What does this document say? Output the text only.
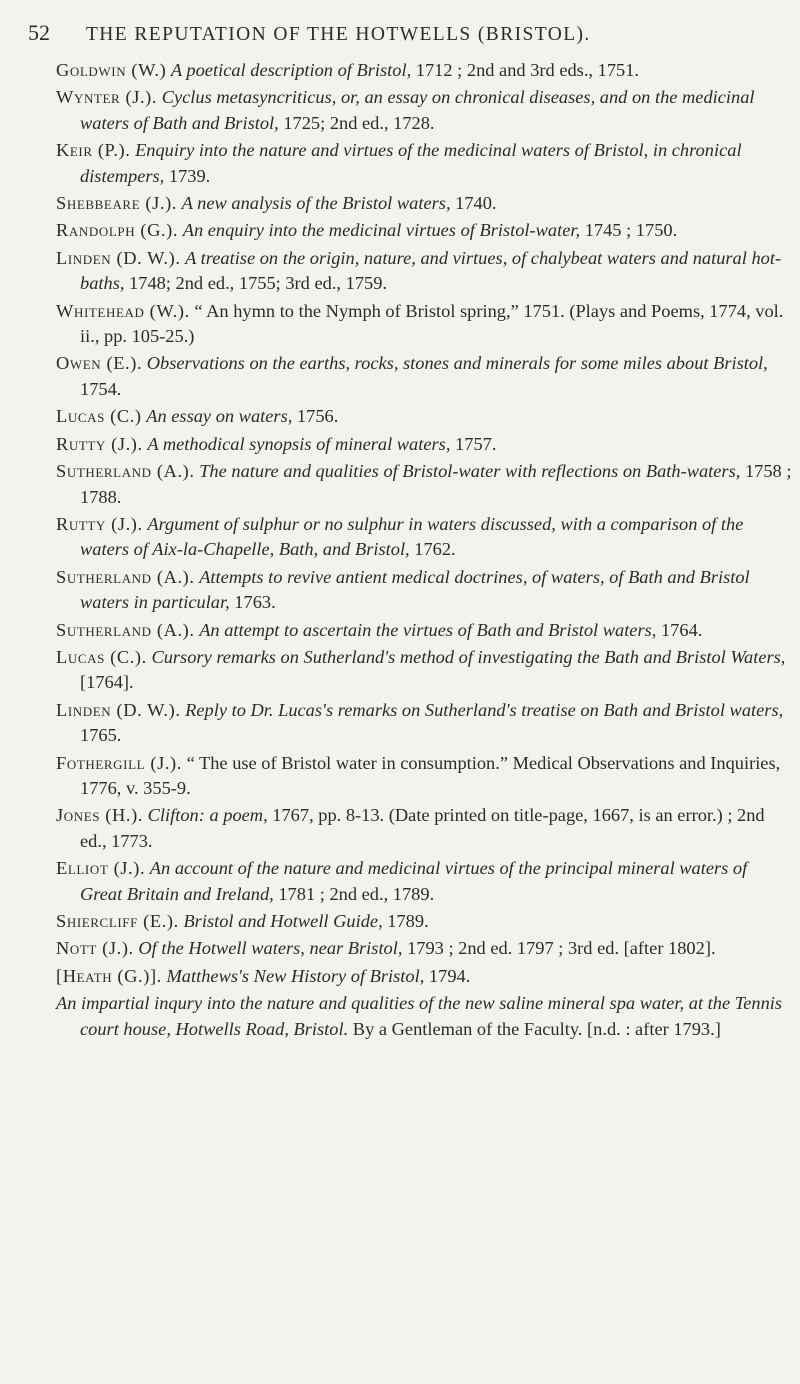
52	THE REPUTATION OF THE HOTWELLS (BRISTOL).

Goldwin (W.) A poetical description of Bristol, 1712 ; 2nd and 3rd eds., 1751.

Wynter (J.). Cyclus metasyncriticus, or, an essay on chronical diseases, and on the medicinal waters of Bath and Bristol, 1725; 2nd ed., 1728.

Keir (P.). Enquiry into the nature and virtues of the medicinal waters of Bristol, in chronical distempers, 1739.

Shebbeare (J.). A new analysis of the Bristol waters, 1740.

Randolph (G.). An enquiry into the medicinal virtues of Bristol-water, 1745 ; 1750.

Linden (D. W.). A treatise on the origin, nature, and virtues, of chalybeat waters and natural hot-baths, 1748; 2nd ed., 1755; 3rd ed., 1759.

Whitehead (W.). “ An hymn to the Nymph of Bristol spring,” 1751. (Plays and Poems, 1774, vol. ii., pp. 105-25.)

Owen (E.). Observations on the earths, rocks, stones and minerals for some miles about Bristol, 1754.

Lucas (C.) An essay on waters, 1756.

Rutty (J.). A methodical synopsis of mineral waters, 1757.

Sutherland (A.). The nature and qualities of Bristol-water with reflections on Bath-waters, 1758 ; 1788.

Rutty (J.). Argument of sulphur or no sulphur in waters discussed, with a comparison of the waters of Aix-la-Chapelle, Bath, and Bristol, 1762.

Sutherland (A.). Attempts to revive antient medical doctrines, of waters, of Bath and Bristol waters in particular, 1763.

Sutherland (A.). An attempt to ascertain the virtues of Bath and Bristol waters, 1764.

Lucas (C.). Cursory remarks on Sutherland's method of investigating the Bath and Bristol Waters, [1764].

Linden (D. W.). Reply to Dr. Lucas's remarks on Sutherland's treatise on Bath and Bristol waters, 1765.

Fothergill (J.). “ The use of Bristol water in consumption.” Medical Observations and Inquiries, 1776, v. 355-9.

Jones (H.). Clifton: a poem, 1767, pp. 8-13. (Date printed on title-page, 1667, is an error.) ; 2nd ed., 1773.

Elliot (J.). An account of the nature and medicinal virtues of the principal mineral waters of Great Britain and Ireland, 1781 ; 2nd ed., 1789.

Shiercliff (E.). Bristol and Hotwell Guide, 1789.

Nott (J.). Of the Hotwell waters, near Bristol, 1793 ; 2nd ed. 1797 ; 3rd ed. [after 1802].

[Heath (G.)]. Matthews's New History of Bristol, 1794.

An impartial inqury into the nature and qualities of the new saline mineral spa water, at the Tennis court house, Hotwells Road, Bristol. By a Gentleman of the Faculty. [n.d. : after 1793.]
